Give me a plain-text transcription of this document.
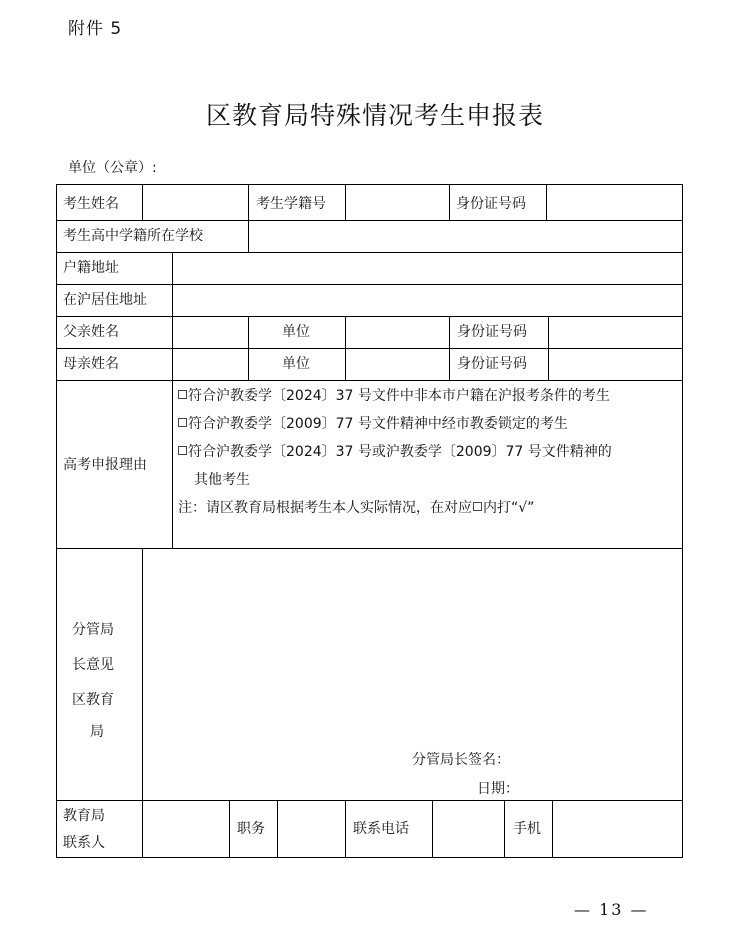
附件 5
区教育局特殊情况考生申报表
单位（公章）:
考生姓名	考生学籍号	身份证号码
考生高中学籍所在学校
户籍地址
在沪居住地址
父亲姓名	单位	身份证号码
母亲姓名	单位	身份证号码
高考申报理由
符合沪教委学〔2024〕37 号文件中非本市户籍在沪报考条件的考生
符合沪教委学〔2009〕77 号文件精神中经市教委锁定的考生
符合沪教委学〔2024〕37 号或沪教委学〔2009〕77 号文件精神的
其他考生
注：请区教育局根据考生本人实际情况，在对应 内打“√”
分管局
长意见
区教育
局
分管局长签名：
日期：
教育局
联系人
职务	联系电话	手机
— 13 —
